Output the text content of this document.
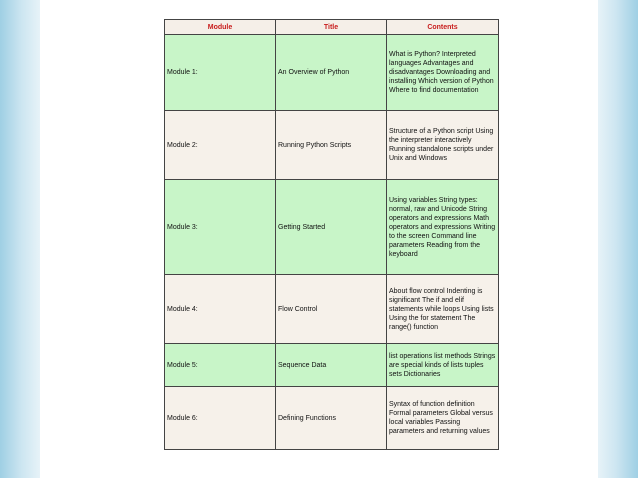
Module	Title	Contents
Module 1:	An Overview of Python	What is Python? Interpreted languages Advantages and disadvantages Downloading and installing Which version of Python Where to find documentation
Module 2:	Running Python Scripts	Structure of a Python script Using the interpreter interactively Running standalone scripts under Unix and Windows
Module 3:	Getting Started	Using variables String types: normal, raw and Unicode String operators and expressions Math operators and expressions Writing to the screen Command line parameters Reading from the keyboard
Module 4:	Flow Control	About flow control Indenting is significant The if and elif statements while loops Using lists Using the for statement The range() function
Module 5:	Sequence Data	list operations list methods Strings are special kinds of lists tuples sets Dictionaries
Module 6:	Defining Functions	Syntax of function definition Formal parameters Global versus local variables Passing parameters and returning values
